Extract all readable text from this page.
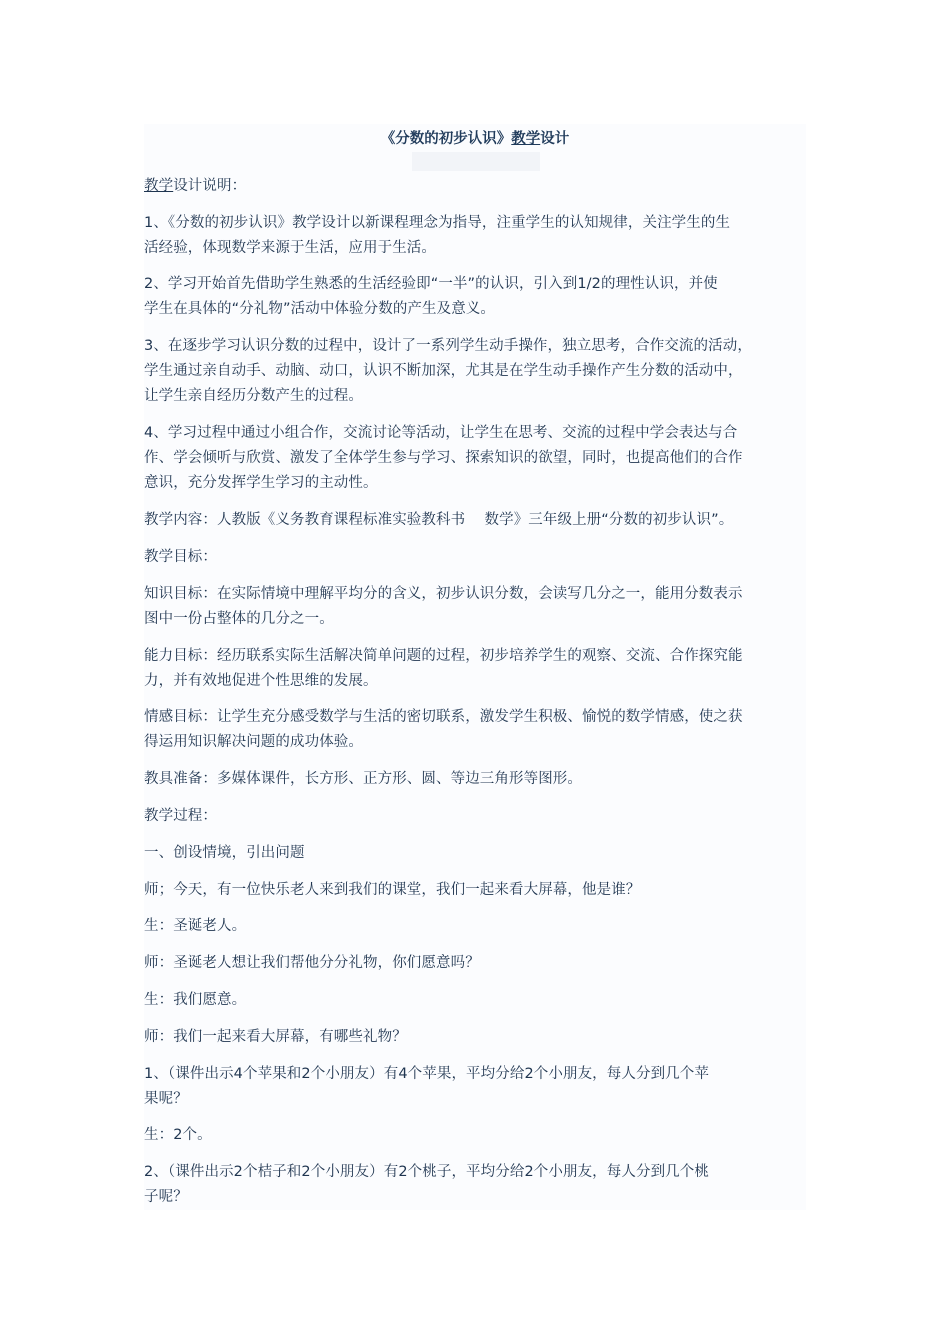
《分数的初步认识》教学设计
教学设计说明：
1、《分数的初步认识》教学设计以新课程理念为指导，注重学生的认知规律，关注学生的生
活经验，体现数学来源于生活，应用于生活。
2、学习开始首先借助学生熟悉的生活经验即“一半”的认识，引入到1/2的理性认识，并使
学生在具体的“分礼物”活动中体验分数的产生及意义。
3、在逐步学习认识分数的过程中，设计了一系列学生动手操作，独立思考，合作交流的活动，
学生通过亲自动手、动脑、动口，认识不断加深，尤其是在学生动手操作产生分数的活动中，
让学生亲自经历分数产生的过程。
4、学习过程中通过小组合作，交流讨论等活动，让学生在思考、交流的过程中学会表达与合
作、学会倾听与欣赏、激发了全体学生参与学习、探索知识的欲望，同时，也提高他们的合作
意识，充分发挥学生学习的主动性。
教学内容：人教版《义务教育课程标准实验教科书　 数学》三年级上册“分数的初步认识”。
教学目标：
知识目标：在实际情境中理解平均分的含义，初步认识分数，会读写几分之一，能用分数表示
图中一份占整体的几分之一。
能力目标：经历联系实际生活解决简单问题的过程，初步培养学生的观察、交流、合作探究能
力，并有效地促进个性思维的发展。
情感目标：让学生充分感受数学与生活的密切联系，激发学生积极、愉悦的数学情感，使之获
得运用知识解决问题的成功体验。
教具准备：多媒体课件，长方形、正方形、圆、等边三角形等图形。
教学过程：
一、创设情境，引出问题
师；今天，有一位快乐老人来到我们的课堂，我们一起来看大屏幕，他是谁？
生：圣诞老人。
师：圣诞老人想让我们帮他分分礼物，你们愿意吗？
生：我们愿意。
师：我们一起来看大屏幕，有哪些礼物？
1、（课件出示4个苹果和2个小朋友）有4个苹果，平均分给2个小朋友，每人分到几个苹
果呢？
生：2个。
2、（课件出示2个桔子和2个小朋友）有2个桃子，平均分给2个小朋友，每人分到几个桃
子呢？
